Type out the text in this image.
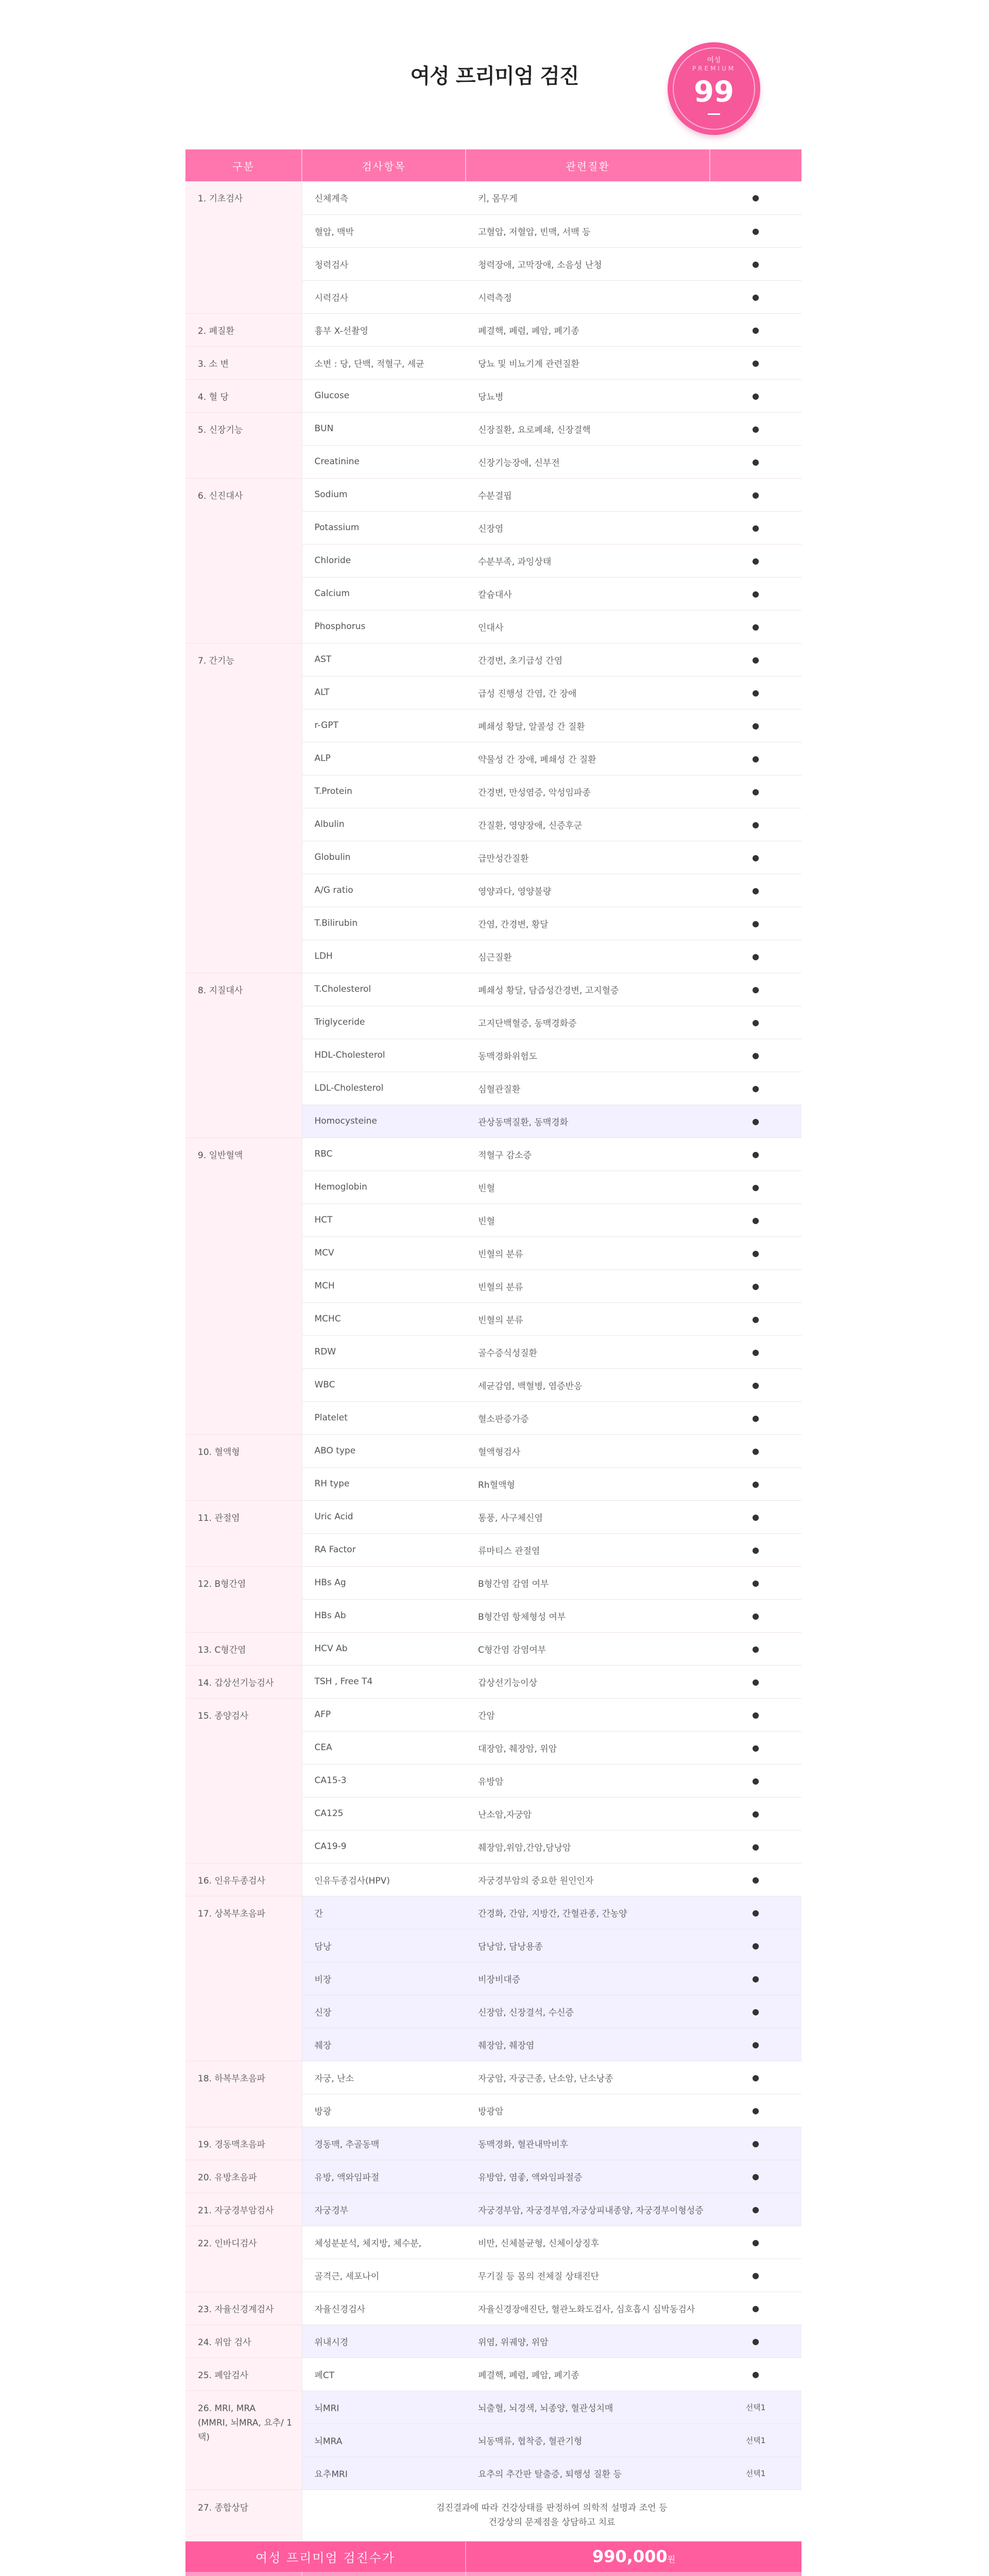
여성 프리미엄 검진
여성
PREMIUM
99
구분	검사항목	관련질환	
1. 기초검사	신체계측	키, 몸무게	●
	혈압, 맥박	고혈압, 저혈압, 빈맥, 서맥 등	●
	청력검사	청력장애, 고막장애, 소음성 난청	●
	시력검사	시력측정	●
2. 폐질환	흉부 X-선촬영	폐결핵, 폐렴, 폐암, 폐기종	●
3. 소 변	소변 : 당, 단백, 적혈구, 세균	당뇨 및 비뇨기계 관련질환	●
4. 혈 당	Glucose	당뇨병	●
5. 신장기능	BUN	신장질환, 요로폐쇄, 신장결핵	●
	Creatinine	신장기능장애, 신부전	●
6. 신진대사	Sodium	수분결핍	●
	Potassium	신장염	●
	Chloride	수분부족, 과잉상태	●
	Calcium	칼슘대사	●
	Phosphorus	인대사	●
7. 간기능	AST	간경변, 초기급성 간염	●
	ALT	급성 진행성 간염, 간 장애	●
	r-GPT	폐쇄성 황달, 알콜성 간 질환	●
	ALP	약물성 간 장애, 폐쇄성 간 질환	●
	T.Protein	간경변, 만성염증, 악성임파종	●
	Albulin	간질환, 영양장애, 신증후군	●
	Globulin	급만성간질환	●
	A/G ratio	영양과다, 영양불량	●
	T.Bilirubin	간염, 간경변, 황달	●
	LDH	심근질환	●
8. 지질대사	T.Cholesterol	폐쇄성 황달, 담즙성간경변, 고지혈증	●
	Triglyceride	고지단백혈증, 동맥경화증	●
	HDL-Cholesterol	동맥경화위험도	●
	LDL-Cholesterol	심혈관질환	●
	Homocysteine	관상동맥질환, 동맥경화	●
9. 일반혈액	RBC	적혈구 감소증	●
	Hemoglobin	빈혈	●
	HCT	빈혈	●
	MCV	빈혈의 분류	●
	MCH	빈혈의 분류	●
	MCHC	빈혈의 분류	●
	RDW	골수증식성질환	●
	WBC	세균감염, 백혈병, 염증반응	●
	Platelet	혈소판증가증	●
10. 혈액형	ABO type	혈액형검사	●
	RH type	Rh혈액형	●
11. 관절염	Uric Acid	통풍, 사구체신염	●
	RA Factor	류마티스 관절염	●
12. B형간염	HBs Ag	B형간염 감염 여부	●
	HBs Ab	B형간염 항체형성 여부	●
13. C형간염	HCV Ab	C형간염 감염여부	●
14. 갑상선기능검사	TSH , Free T4	갑상선기능이상	●
15. 종양검사	AFP	간암	●
	CEA	대장암, 췌장암, 위암	●
	CA15-3	유방암	●
	CA125	난소암,자궁암	●
	CA19-9	췌장암,위암,간암,담낭암	●
16. 인유두종검사	인유두종검사(HPV)	자궁경부암의 중요한 원인인자	●
17. 상복부초음파	간	간경화, 간암, 지방간, 간혈관종, 간농양	●
	담낭	담낭암, 담낭용종	●
	비장	비장비대증	●
	신장	신장암, 신장결석, 수신증	●
	췌장	췌장암, 췌장염	●
18. 하복부초음파	자궁, 난소	자궁암, 자궁근종, 난소암, 난소낭종	●
	방광	방광암	●
19. 경동맥초음파	경동맥, 추골동맥	동맥경화, 혈관내막비후	●
20. 유방초음파	유방, 액와임파절	유방암, 염좋, 액와임파절증	●
21. 자궁경부암검사	자궁경부	자궁경부암, 자궁경부염,자궁상피내종양, 자궁경부이형성증	●
22. 인바디검사	체성분분석, 체지방, 체수분,	비만, 신체불균형, 신체이상징후	●
	골격근, 세포나이	무기질 등 몸의 전체질 상태진단	●
23. 자율신경계검사	자율신경검사	자율신경장애진단, 혈관노화도검사, 심호흡시 심박동검사	●
24. 위암 검사	위내시경	위염, 위궤양, 위암	●
25. 폐암검사	폐CT	폐결핵, 폐렴, 폐암, 폐기종	●
26. MRI, MRA
(MMRI, 뇌MRA, 요추/ 1택)	뇌MRI	뇌출혈, 뇌경색, 뇌종양, 혈관성치매	선택1
	뇌MRA	뇌동맥류, 협착증, 혈관기형	선택1
	요추MRI	요추의 추간판 탈출증, 퇴행성 질환 등	선택1
27. 종합상담	검진결과에 따라 건강상태를 판정하여 의학적 설명과 조언 등
건강상의 문제점을 상담하고 치료		

여성 프리미엄 검진수가		990,000원	
